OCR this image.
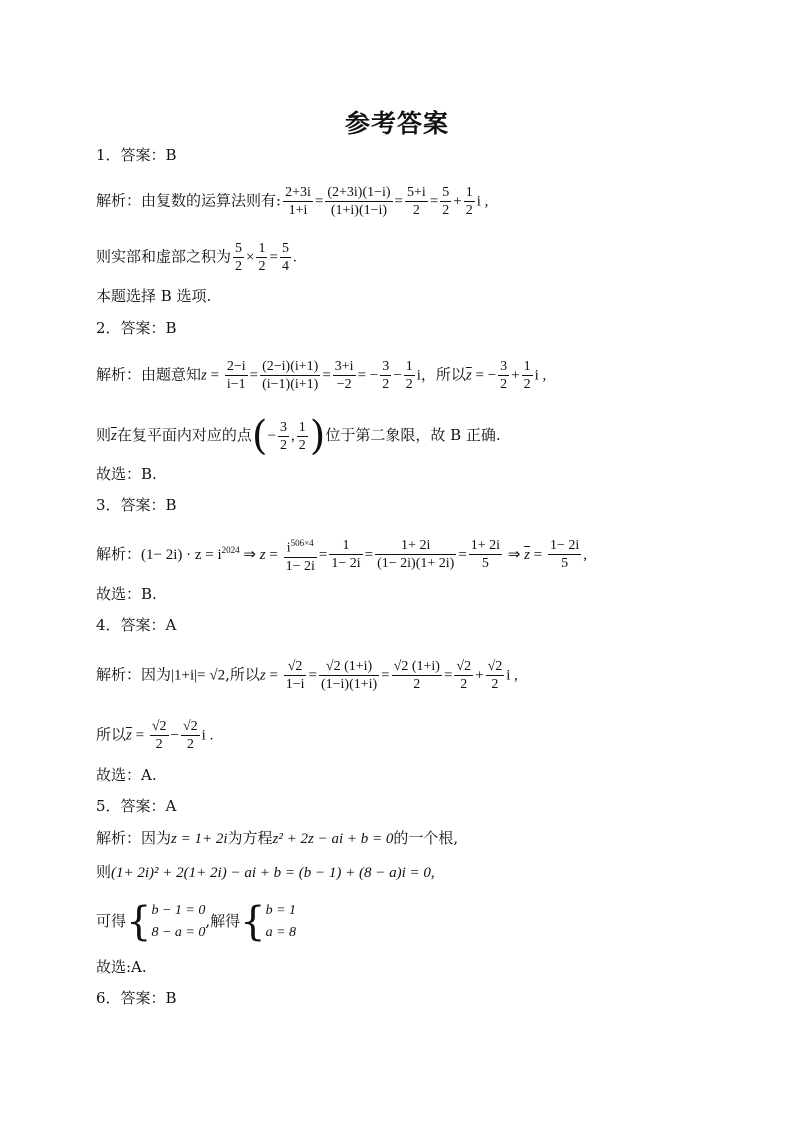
参考答案
1．答案：B
解析：由复数的运算法则有: $\frac{2+3i}{1+i} = \frac{(2+3i)(1-i)}{(1+i)(1-i)} = \frac{5+i}{2} = \frac{5}{2} + \frac{1}{2}$ i ,
则实部和虚部之积为 $\frac{5}{2} \times \frac{1}{2} = \frac{5}{4}$ .
本题选择 B 选项.
2．答案：B
解析：由题意知$z = \frac{2-i}{i-1} = \frac{(2-i)(i+1)}{(i-1)(i+1)} = \frac{3+i}{-2}$ = − $\frac{3}{2} - \frac{1}{2}$ i，所以$\overline{z}$ = − $\frac{3}{2} + \frac{1}{2}$ i ,
则$\overline{z}$在复平面内对应的点(− $\frac{3}{2}$ , $\frac{1}{2}$ )位于第二象限，故 B 正确.
故选：B.
3．答案：B
解析：$(1- 2i) \cdot z = i^{2024}$ ⇒ $z = \frac{i^{506\times 4}}{1- 2i} = \frac{1}{1- 2i} = \frac{1+ 2i}{(1- 2i)(1+ 2i)} = \frac{1+ 2i}{5}$ ⇒ $\overline{z} = \frac{1- 2i}{5}$ ,
故选：B.
4．答案：A
解析：因为|1+i|= √2,所以$z = \frac{√2}{1-i} = \frac{√2 (1+i)}{(1-i)(1+i)} = \frac{√2 (1+i)}{2} = \frac{√2}{2} + \frac{√2}{2}$ i ,
所以$\overline{z} = \frac{√2}{2} - \frac{√2}{2}$ i .
故选：A.
5．答案：A
解析：因为z = 1+ 2i为方程z² + 2z − ai + b = 0的一个根,
则(1+ 2i)² + 2(1+ 2i) − ai + b = (b − 1) + (8 − a)i = 0,
可得{ b − 1 = 0
8 − a = 0
,解得{ b = 1
a = 8
故选:A.
6．答案：B
